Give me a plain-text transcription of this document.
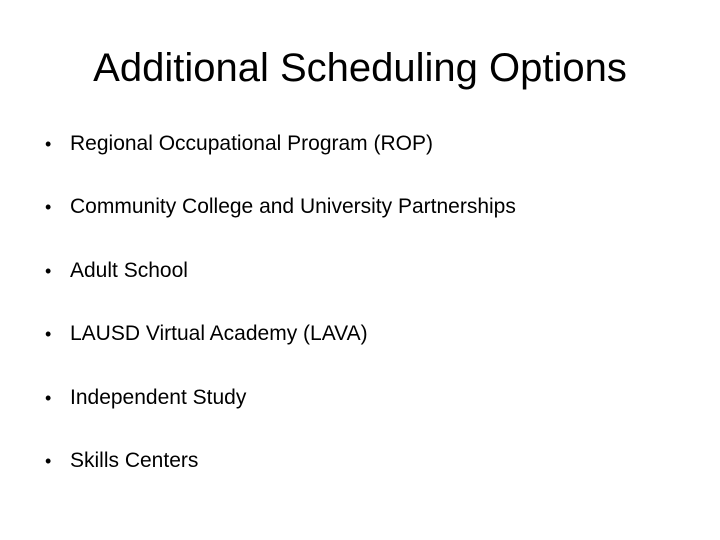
Additional Scheduling Options
• Regional Occupational Program (ROP)
• Community College and University Partnerships
• Adult School
• LAUSD Virtual Academy (LAVA)
• Independent Study
• Skills Centers
